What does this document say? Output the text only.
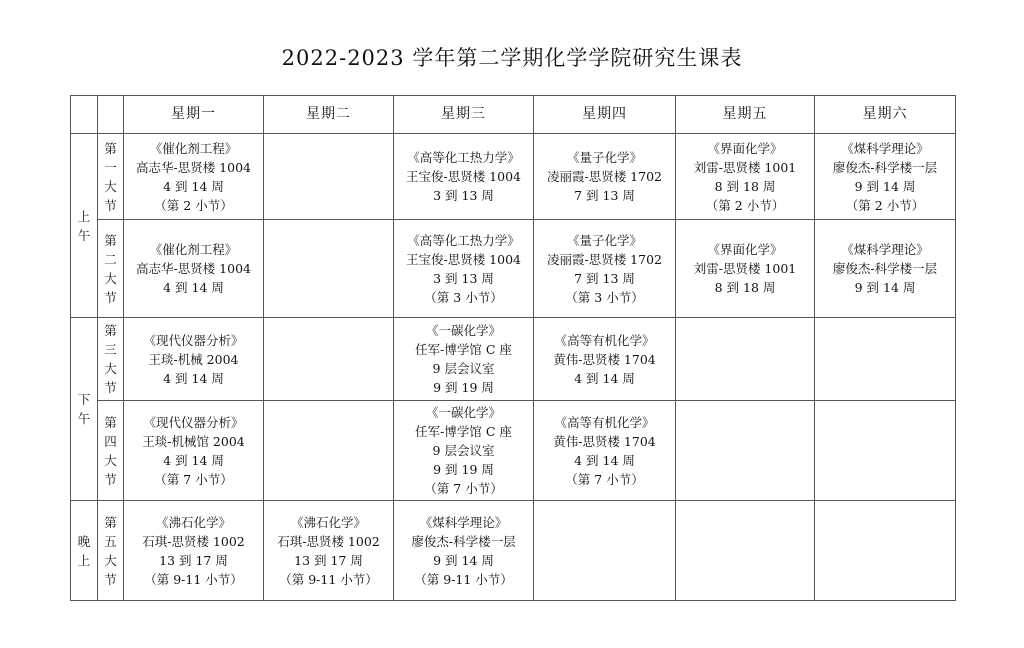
2022-2023 学年第二学期化学学院研究生课表
		星期一	星期二	星期三	星期四	星期五	星期六

上
午	第
一
大
节	《催化剂工程》
高志华-思贤楼 1004
4 到 14 周
（第 2 小节）		《高等化工热力学》
王宝俊-思贤楼 1004
3 到 13 周	《量子化学》
凌丽霞-思贤楼 1702
7 到 13 周	《界面化学》
刘雷-思贤楼 1001
8 到 18 周
（第 2 小节）	《煤科学理论》
廖俊杰-科学楼一层
9 到 14 周
（第 2 小节）

	第
二
大
节	《催化剂工程》
高志华-思贤楼 1004
4 到 14 周		《高等化工热力学》
王宝俊-思贤楼 1004
3 到 13 周
（第 3 小节）	《量子化学》
凌丽霞-思贤楼 1702
7 到 13 周
（第 3 小节）	《界面化学》
刘雷-思贤楼 1001
8 到 18 周	《煤科学理论》
廖俊杰-科学楼一层
9 到 14 周

下
午	第
三
大
节	《现代仪器分析》
王琰-机械 2004
4 到 14 周		《一碳化学》
任军-博学馆 C 座
9 层会议室
9 到 19 周	《高等有机化学》
黄伟-思贤楼 1704
4 到 14 周		

	第
四
大
节	《现代仪器分析》
王琰-机械馆 2004
4 到 14 周
（第 7 小节）		《一碳化学》
任军-博学馆 C 座
9 层会议室
9 到 19 周
（第 7 小节）	《高等有机化学》
黄伟-思贤楼 1704
4 到 14 周
（第 7 小节）		

晚
上	第
五
大
节	《沸石化学》
石琪-思贤楼 1002
13 到 17 周
（第 9-11 小节）	《沸石化学》
石琪-思贤楼 1002
13 到 17 周
（第 9-11 小节）	《煤科学理论》
廖俊杰-科学楼一层
9 到 14 周
（第 9-11 小节）			
